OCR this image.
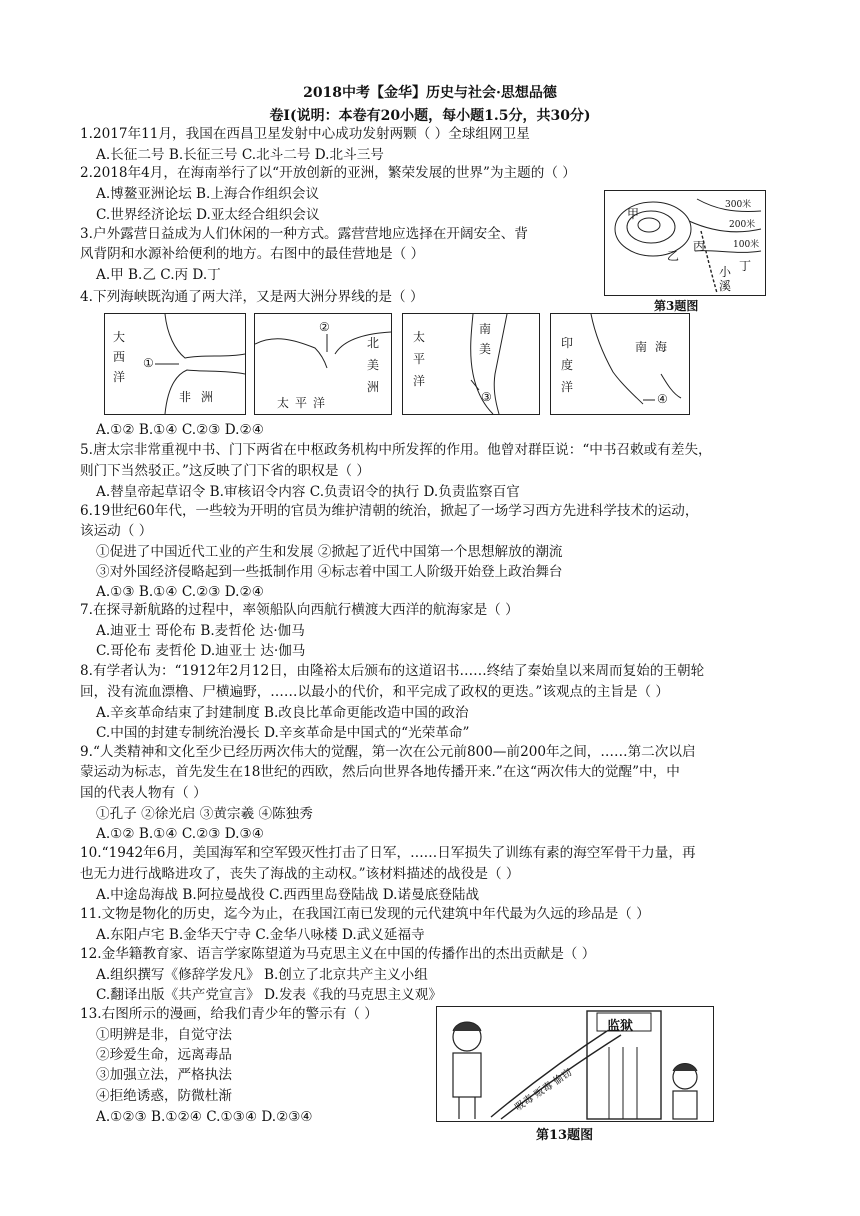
2018中考【金华】历史与社会·思想品德
卷Ⅰ(说明：本卷有20小题，每小题1.5分，共30分)
1.2017年11月，我国在西昌卫星发射中心成功发射两颗（ ）全球组网卫星
A.长征二号 B.长征三号 C.北斗二号 D.北斗三号
2.2018年4月，在海南举行了以“开放创新的亚洲，繁荣发展的世界”为主题的（ ）
A.博鳌亚洲论坛 B.上海合作组织会议
C.世界经济论坛 D.亚太经合组织会议
3.户外露营日益成为人们休闲的一种方式。露营营地应选择在开阔安全、背
风背阴和水源补给便利的地方。右图中的最佳营地是（ ）
A.甲 B.乙 C.丙 D.丁
甲
乙
丙
丁
小
溪
300米
200米
100米
第3题图
4.下列海峡既沟通了两大洋，又是两大洲分界线的是（ ）
大
西
洋
非 洲
①
北
美
洲
太 平 洋
②
太
平
洋
南
美
③
印
度
洋
南 海
④
A.①② B.①④ C.②③ D.②④
5.唐太宗非常重视中书、门下两省在中枢政务机构中所发挥的作用。他曾对群臣说：“中书召敕或有差失，
则门下当然驳正。”这反映了门下省的职权是（ ）
A.替皇帝起草诏令 B.审核诏令内容 C.负责诏令的执行 D.负责监察百官
6.19世纪60年代，一些较为开明的官员为维护清朝的统治，掀起了一场学习西方先进科学技术的运动，
该运动（ ）
①促进了中国近代工业的产生和发展 ②掀起了近代中国第一个思想解放的潮流
③对外国经济侵略起到一些抵制作用 ④标志着中国工人阶级开始登上政治舞台
A.①③ B.①④ C.②③ D.②④
7.在探寻新航路的过程中，率领船队向西航行横渡大西洋的航海家是（ ）
A.迪亚士 哥伦布 B.麦哲伦 达·伽马
C.哥伦布 麦哲伦 D.迪亚士 达·伽马
8.有学者认为：“1912年2月12日，由隆裕太后颁布的这道诏书……终结了秦始皇以来周而复始的王朝轮
回，没有流血漂橹、尸横遍野，……以最小的代价，和平完成了政权的更迭。”该观点的主旨是（ ）
A.辛亥革命结束了封建制度 B.改良比革命更能改造中国的政治
C.中国的封建专制统治漫长 D.辛亥革命是中国式的“光荣革命”
9.“人类精神和文化至少已经历两次伟大的觉醒，第一次在公元前800—前200年之间，……第二次以启
蒙运动为标志，首先发生在18世纪的西欧，然后向世界各地传播开来.”在这“两次伟大的觉醒”中，中
国的代表人物有（ ）
①孔子 ②徐光启 ③黄宗羲 ④陈独秀
A.①② B.①④ C.②③ D.③④
10.“1942年6月，美国海军和空军毁灭性打击了日军，……日军损失了训练有素的海空军骨干力量，再
也无力进行战略进攻了，丧失了海战的主动权。”该材料描述的战役是（ ）
A.中途岛海战 B.阿拉曼战役 C.西西里岛登陆战 D.诺曼底登陆战
11.文物是物化的历史，迄今为止，在我国江南已发现的元代建筑中年代最为久远的珍品是（ ）
A.东阳卢宅 B.金华天宁寺 C.金华八咏楼 D.武义延福寺
12.金华籍教育家、语言学家陈望道为马克思主义在中国的传播作出的杰出贡献是（ ）
A.组织撰写《修辞学发凡》 B.创立了北京共产主义小组
C.翻译出版《共产党宣言》 D.发表《我的马克思主义观》
13.右图所示的漫画，给我们青少年的警示有（ ）
①明辨是非，自觉守法
②珍爱生命，远离毒品
③加强立法，严格执法
④拒绝诱惑，防微杜渐
A.①②③ B.①②④ C.①③④ D.②③④
监狱
吸毒 贩毒 偷窃
第13题图
